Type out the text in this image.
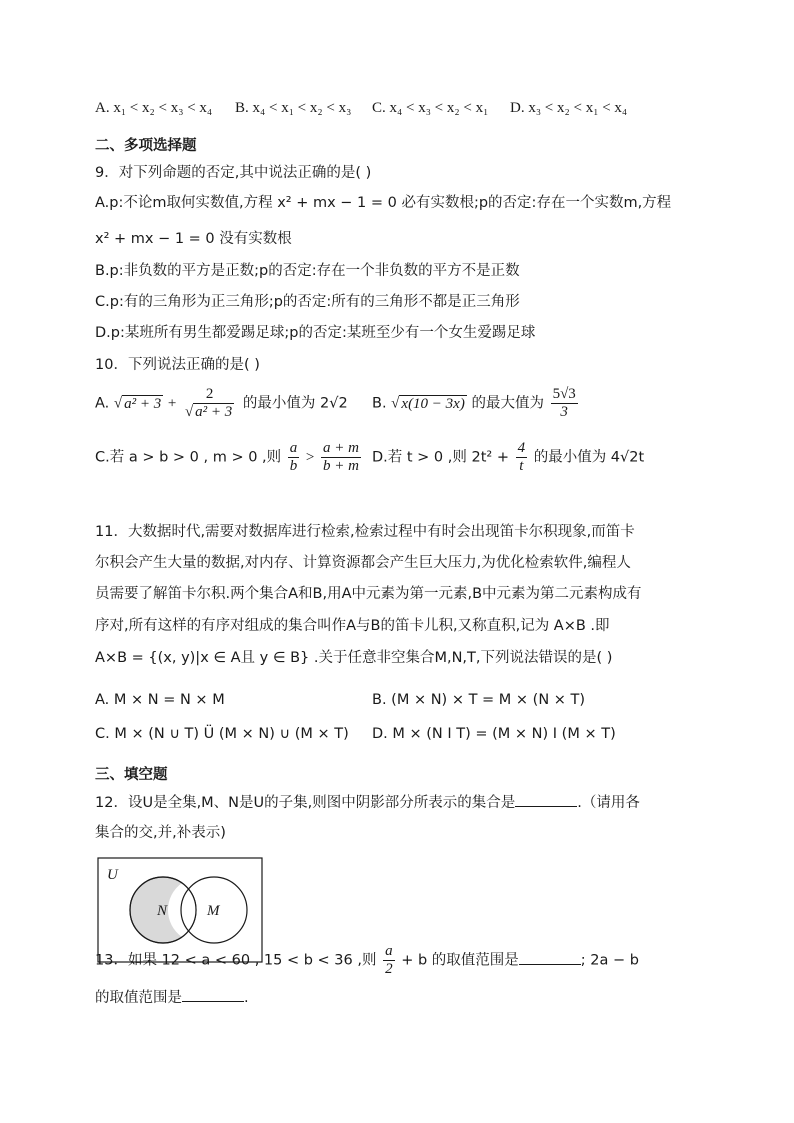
A. x₁ < x₂ < x₃ < x₄ B. x₄ < x₁ < x₂ < x₃ C. x₄ < x₃ < x₂ < x₁ D. x₃ < x₂ < x₁ < x₄
二、多项选择题
9．对下列命题的否定,其中说法正确的是( )
A.p:不论m取何实数值,方程 x² + mx − 1 = 0 必有实数根;p的否定:存在一个实数m,方程
x² + mx − 1 = 0 没有实数根
B.p:非负数的平方是正数;p的否定:存在一个非负数的平方不是正数
C.p:有的三角形为正三角形;p的否定:所有的三角形不都是正三角形
D.p:某班所有男生都爱踢足球;p的否定:某班至少有一个女生爱踢足球
10．下列说法正确的是( )
A. √ $a^2 + 3 + \frac{2}{\text{√ a² + 3}}$ 的最小值为 2√2 B. √ x(10 − 3x) 的最大值为 $\frac{5√3}{3}$
C.若 a > b > 0 , m > 0 ,则 $\frac{a}{b} > \frac{a + m}{b + m} D$.若 t > 0 ,则 $2t^2 + \frac{4}{t}$ 的最小值为 4√2t
11．大数据时代,需要对数据库进行检索,检索过程中有时会出现笛卡尔积现象,而笛卡
尔积会产生大量的数据,对内存、计算资源都会产生巨大压力,为优化检索软件,编程人
员需要了解笛卡尔积.两个集合A和B,用A中元素为第一元素,B中元素为第二元素构成有
序对,所有这样的有序对组成的集合叫作A与B的笛卡儿积,又称直积,记为 A×B .即
A×B = {(x, y)|x ∈ A且 y ∈ B} .关于任意非空集合M,N,T,下列说法错误的是( )
A. M × N = N × M	B. (M × N) × T = M × (N × T)
C. M × (N ∪ T) Ü (M × N) ∪ (M × T) D. M × (N I T) = (M × N) I (M × T)
三、填空题
12．设U是全集,M、N是U的子集,则图中阴影部分所表示的集合是	.（请用各
集合的交,并,补表示)
U
N	M
13．如果 12 < a < 60 , 15 < b < 36 ,则 $\frac{a}{2} + b$ 的取值范围是	; 2a − b
的取值范围是	.
